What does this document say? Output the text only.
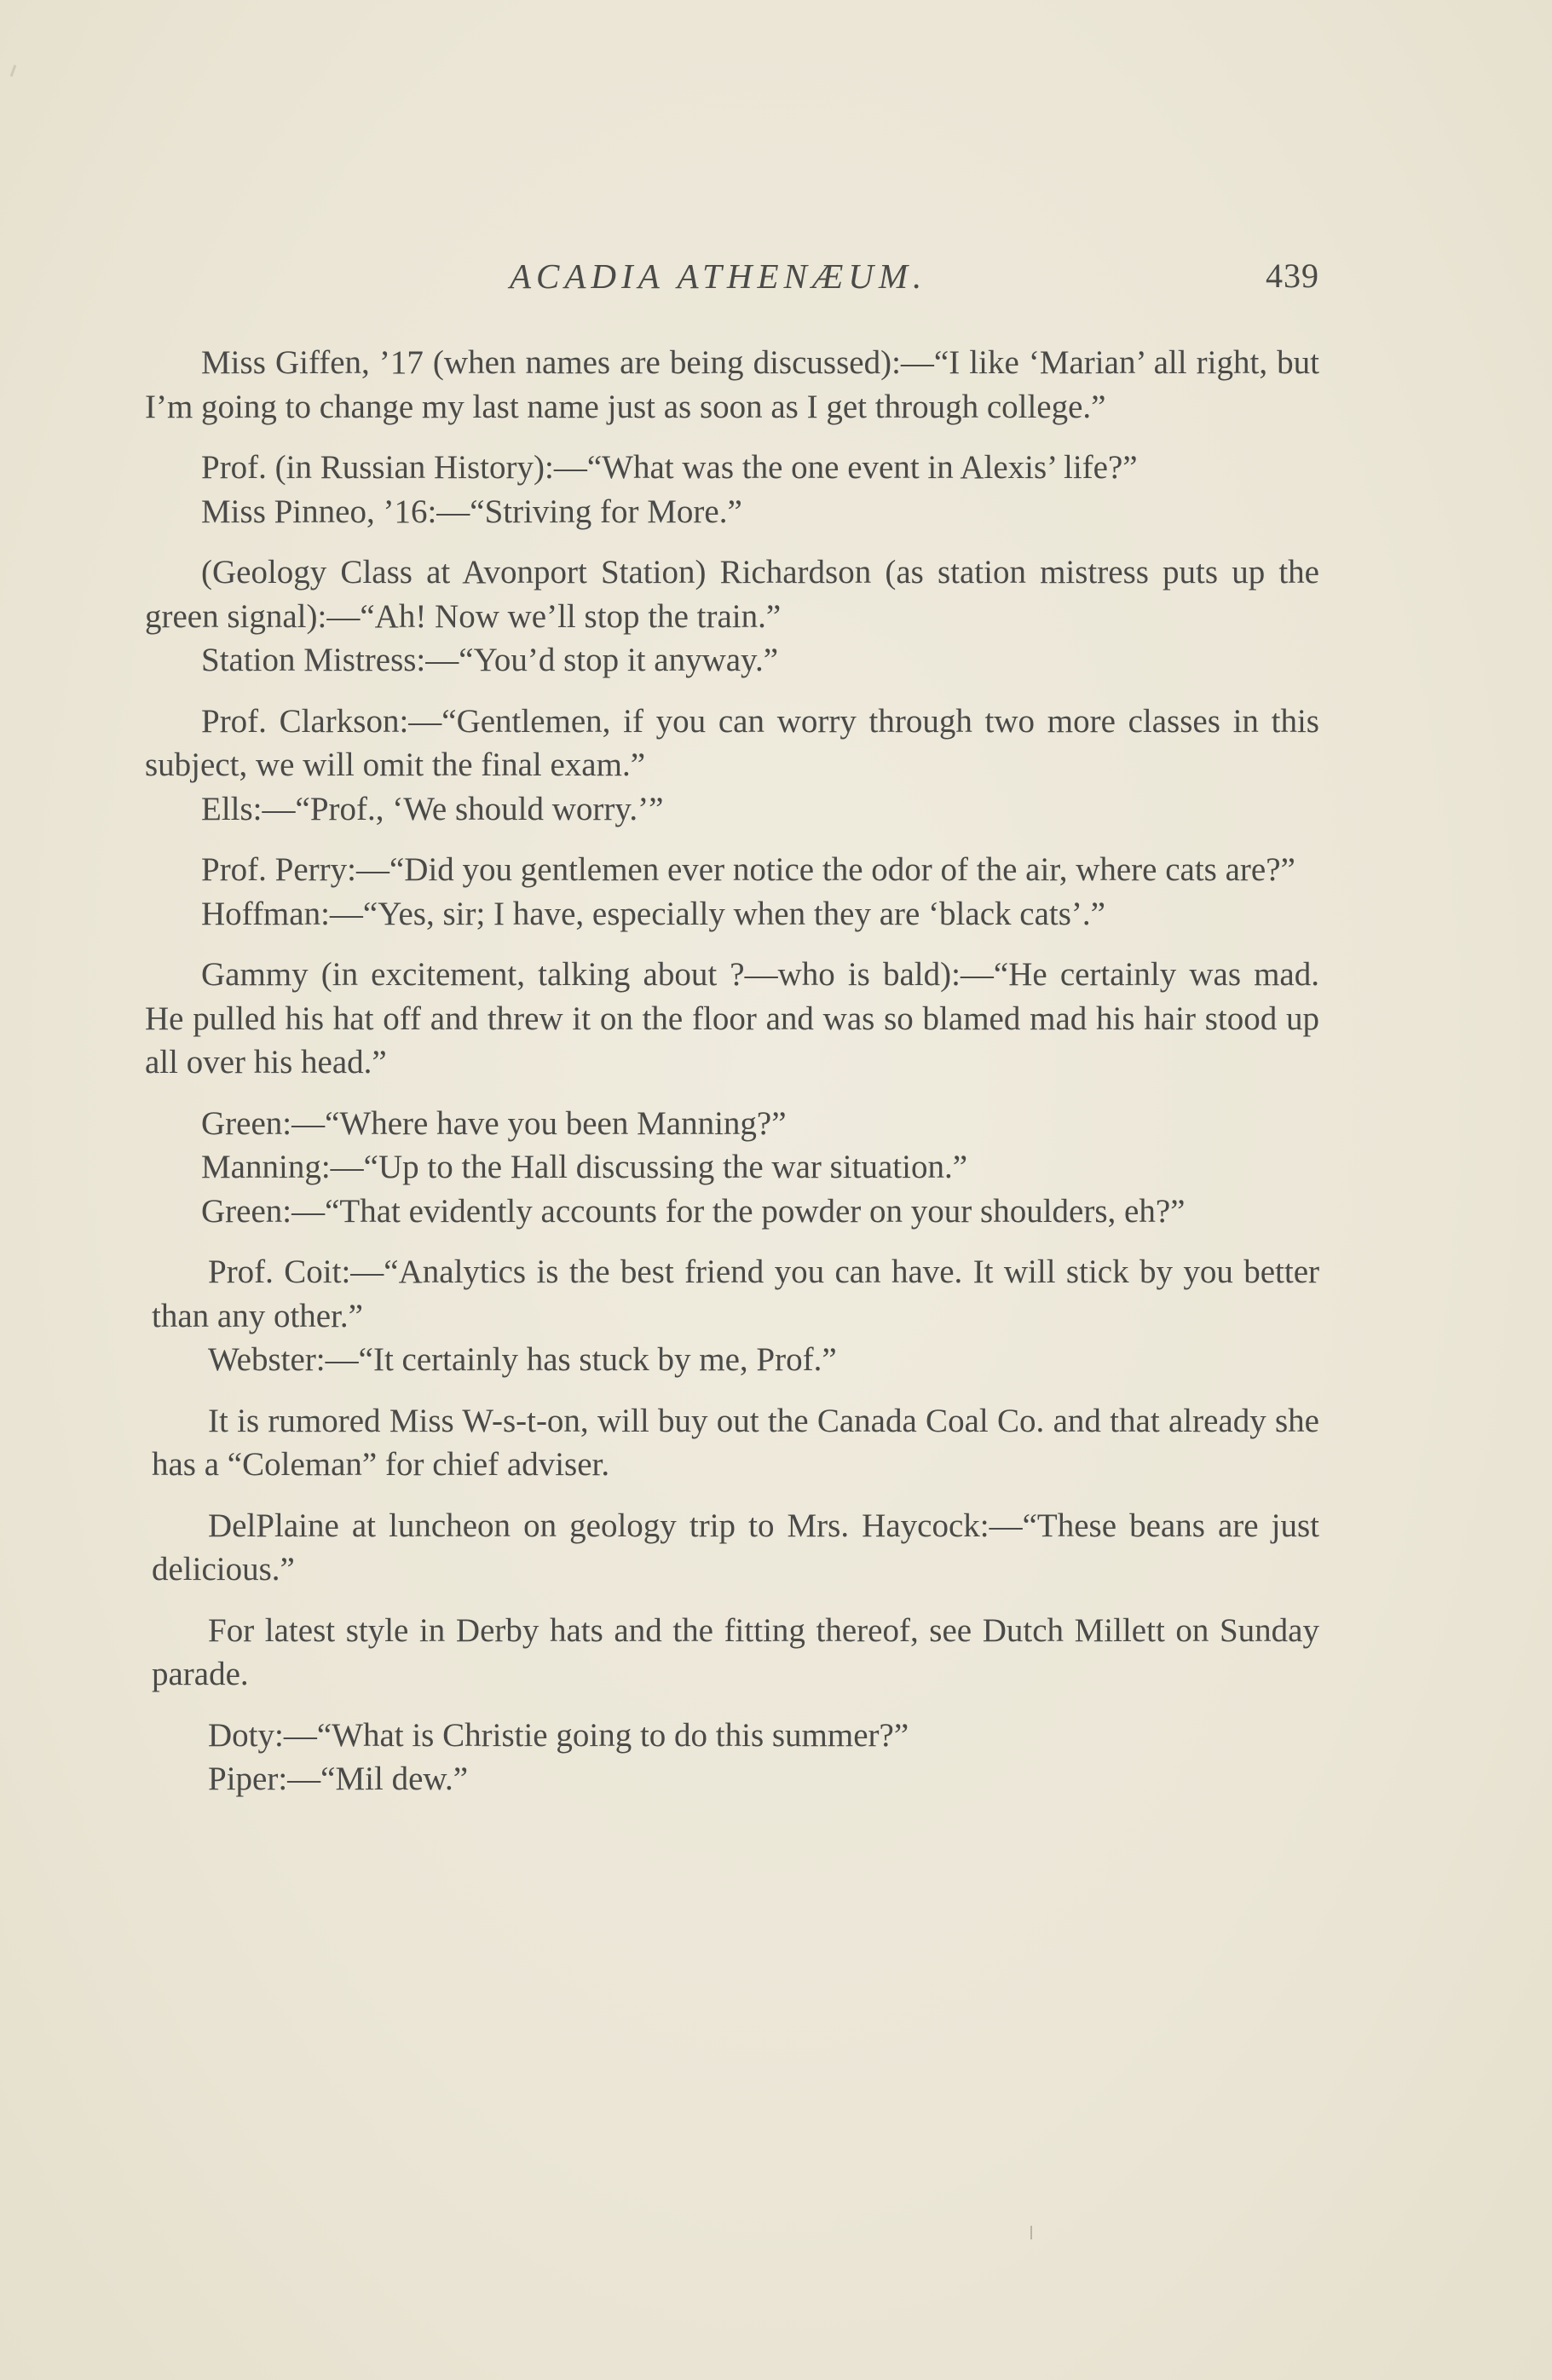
ACADIA ATHENÆUM.	439

Miss Giffen, ’17 (when names are being discussed):—“I like ‘Marian’ all right, but I’m going to change my last name just as soon as I get through college.”

Prof. (in Russian History):—“What was the one event in Alexis’ life?”

Miss Pinneo, ’16:—“Striving for More.”

(Geology Class at Avonport Station) Richardson (as station mistress puts up the green signal):—“Ah! Now we’ll stop the train.”

Station Mistress:—“You’d stop it anyway.”

Prof. Clarkson:—“Gentlemen, if you can worry through two more classes in this subject, we will omit the final exam.”

Ells:—“Prof., ‘We should worry.’”

Prof. Perry:—“Did you gentlemen ever notice the odor of the air, where cats are?”

Hoffman:—“Yes, sir; I have, especially when they are ‘black cats’.”

Gammy (in excitement, talking about ?—who is bald):—“He certainly was mad. He pulled his hat off and threw it on the floor and was so blamed mad his hair stood up all over his head.”

Green:—“Where have you been Manning?”

Manning:—“Up to the Hall discussing the war situation.”

Green:—“That evidently accounts for the powder on your shoulders, eh?”

Prof. Coit:—“Analytics is the best friend you can have. It will stick by you better than any other.”

Webster:—“It certainly has stuck by me, Prof.”

It is rumored Miss W-s-t-on, will buy out the Canada Coal Co. and that already she has a “Coleman” for chief adviser.

DelPlaine at luncheon on geology trip to Mrs. Haycock:—“These beans are just delicious.”

For latest style in Derby hats and the fitting thereof, see Dutch Millett on Sunday parade.

Doty:—“What is Christie going to do this summer?”

Piper:—“Mil dew.”
